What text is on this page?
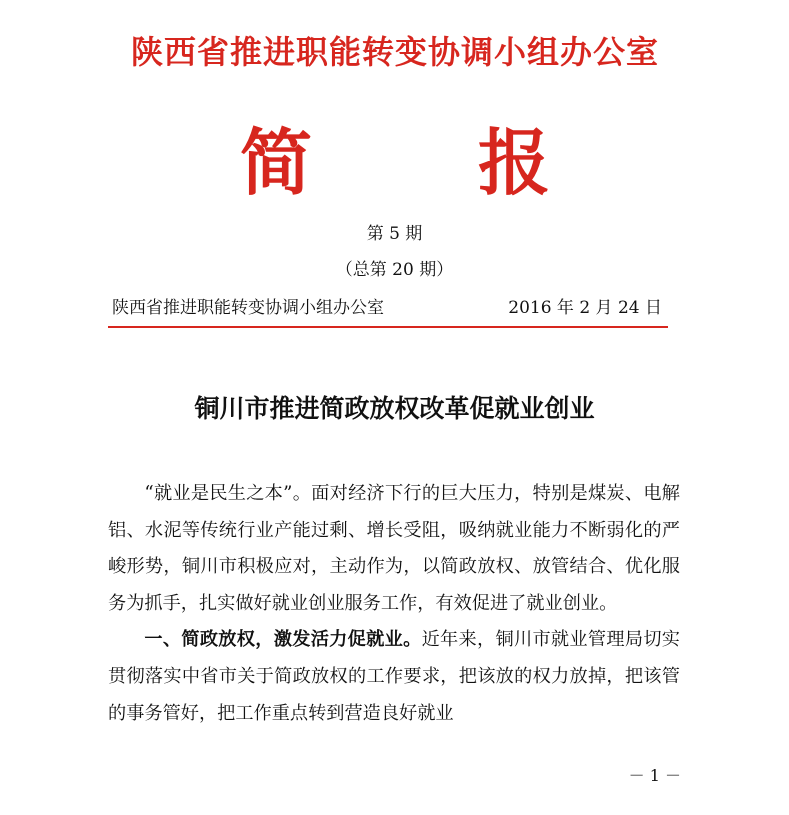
陕西省推进职能转变协调小组办公室
简 报
第 5 期
（总第 20 期）
陕西省推进职能转变协调小组办公室	2016 年 2 月 24 日
铜川市推进简政放权改革促就业创业

“就业是民生之本”。面对经济下行的巨大压力，特别是煤炭、电解铝、水泥等传统行业产能过剩、增长受阻，吸纳就业能力不断弱化的严峻形势，铜川市积极应对，主动作为，以简政放权、放管结合、优化服务为抓手，扎实做好就业创业服务工作，有效促进了就业创业。

一、简政放权，激发活力促就业。近年来，铜川市就业管理局切实贯彻落实中省市关于简政放权的工作要求，把该放的权力放掉，把该管的事务管好，把工作重点转到营造良好就业

－ 1 －
